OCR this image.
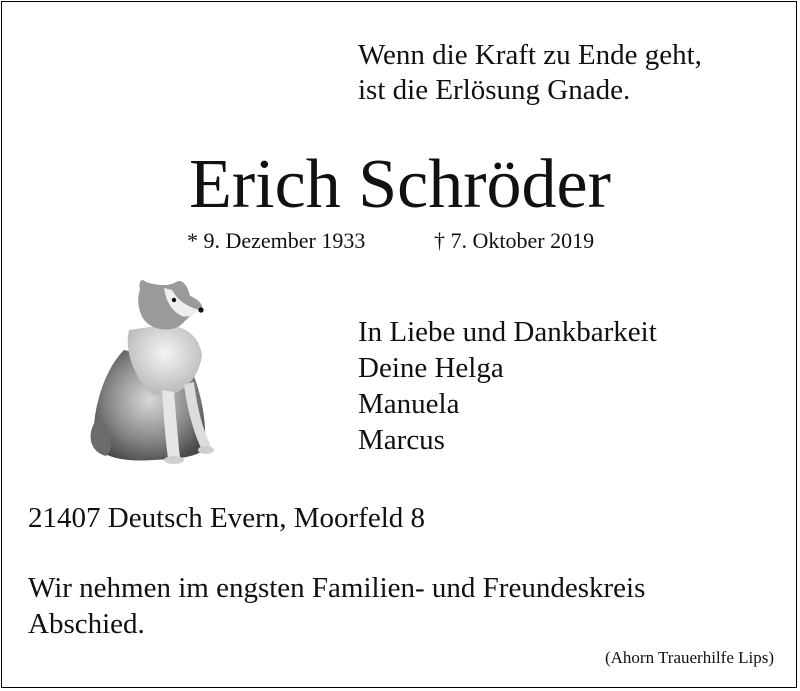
Wenn die Kraft zu Ende geht,
ist die Erlösung Gnade.
Erich Schröder
* 9. Dezember 1933	† 7. Oktober 2019
In Liebe und Dankbarkeit
Deine Helga
Manuela
Marcus
21407 Deutsch Evern, Moorfeld 8
Wir nehmen im engsten Familien- und Freundeskreis
Abschied.
(Ahorn Trauerhilfe Lips)
